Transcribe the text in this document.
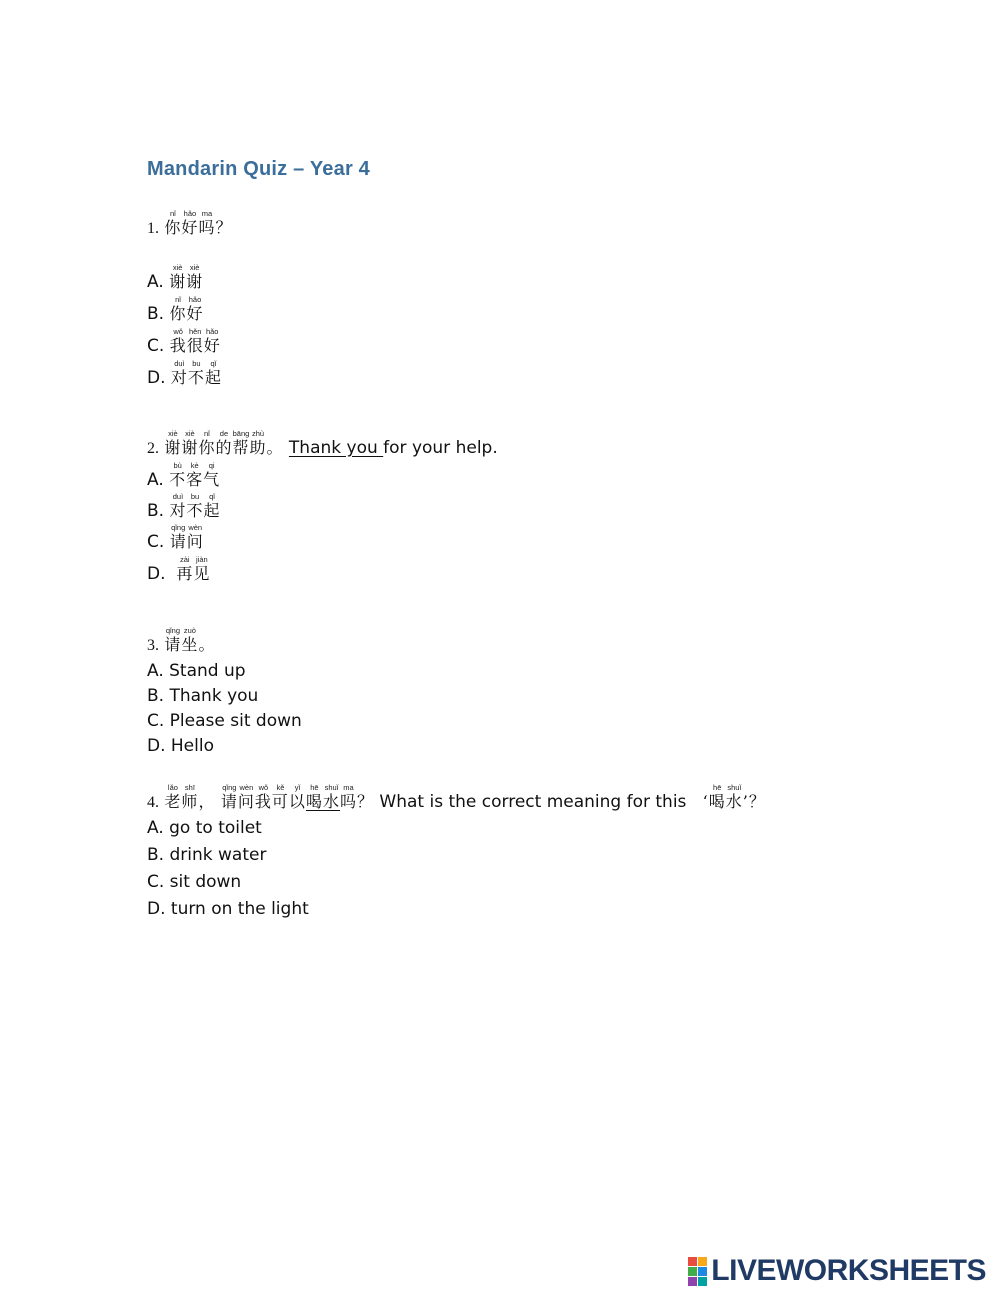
Mandarin Quiz – Year 4
1. 你nǐ好hǎo吗ma？
A. 谢xiè谢xiè
B. 你nǐ好hǎo
C. 我wǒ很hěn好hǎo
D. 对duì不bu起qǐ
2. 谢xiè谢xiè你nǐ的de帮bāng助zhù。 Thank you for your help.
A. 不bù客kè气qi
B. 对duì不bu起qǐ
C. 请qǐng问wèn
D. 再zài见jiàn
3. 请qǐng坐zuò。
A. Stand up
B. Thank you
C. Please sit down
D. Hello
4. 老lǎo师shī， 请qǐng问wèn我wǒ可kě以yǐ喝hē水shuǐ吗ma？ What is the correct meaning for this ‘喝hē水shuǐ’？
A. go to toilet
B. drink water
C. sit down
D. turn on the light
LIVEWORKSHEETS
